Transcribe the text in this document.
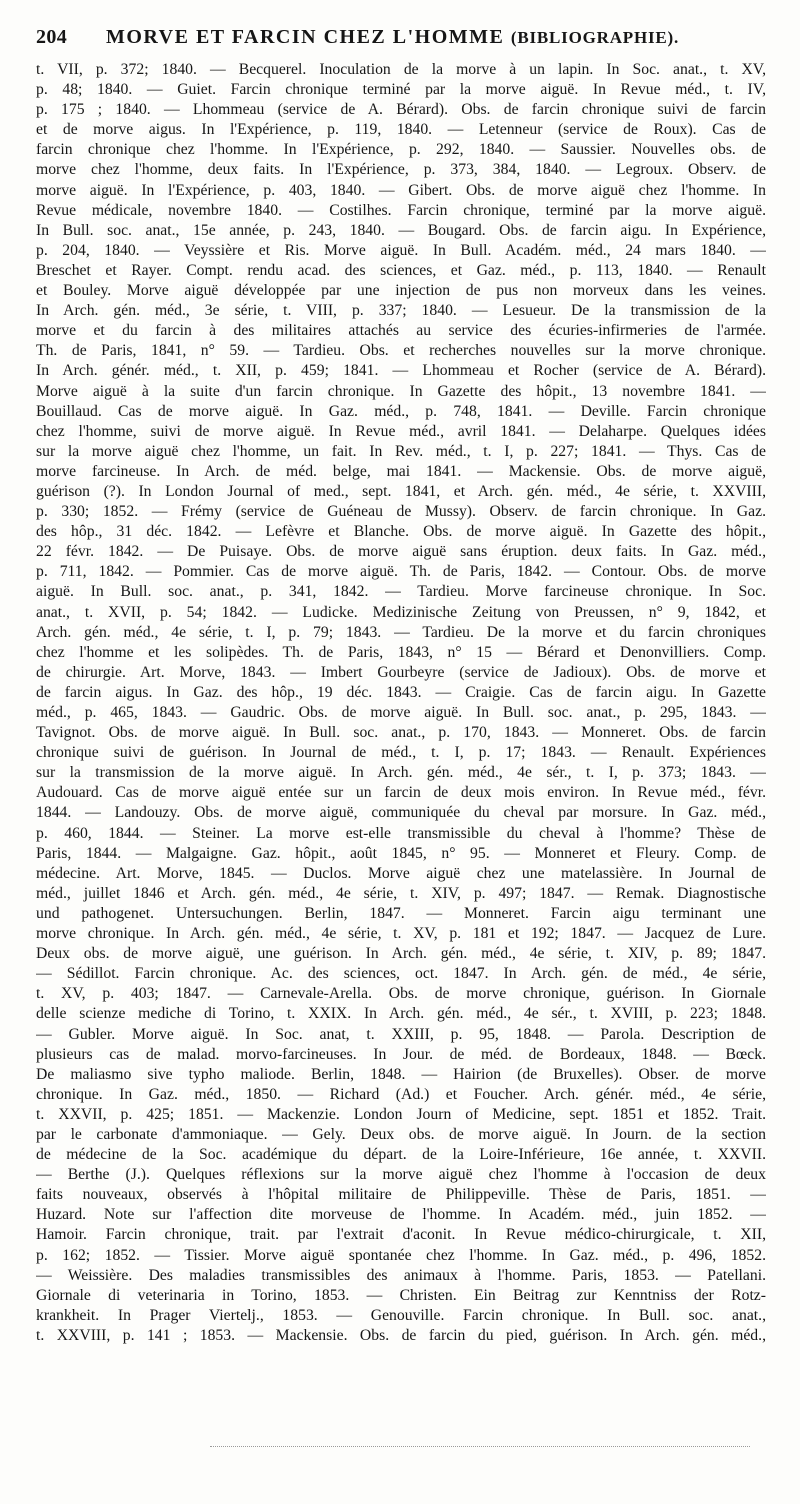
204	MORVE ET FARCIN CHEZ L'HOMME (BIBLIOGRAPHIE).
t. VII, p. 372; 1840. — Becquerel. Inoculation de la morve à un lapin. In Soc. anat., t. XV,
p. 48; 1840. — Guiet. Farcin chronique terminé par la morve aiguë. In Revue méd., t. IV,
p. 175 ; 1840. — Lhommeau (service de A. Bérard). Obs. de farcin chronique suivi de farcin
et de morve aigus. In l'Expérience, p. 119, 1840. — Letenneur (service de Roux). Cas de
farcin chronique chez l'homme. In l'Expérience, p. 292, 1840. — Saussier. Nouvelles obs. de
morve chez l'homme, deux faits. In l'Expérience, p. 373, 384, 1840. — Legroux. Observ. de
morve aiguë. In l'Expérience, p. 403, 1840. — Gibert. Obs. de morve aiguë chez l'homme. In
Revue médicale, novembre 1840. — Costilhes. Farcin chronique, terminé par la morve aiguë.
In Bull. soc. anat., 15e année, p. 243, 1840. — Bougard. Obs. de farcin aigu. In Expérience,
p. 204, 1840. — Veyssière et Ris. Morve aiguë. In Bull. Académ. méd., 24 mars 1840. —
Breschet et Rayer. Compt. rendu acad. des sciences, et Gaz. méd., p. 113, 1840. — Renault
et Bouley. Morve aiguë développée par une injection de pus non morveux dans les veines.
In Arch. gén. méd., 3e série, t. VIII, p. 337; 1840. — Lesueur. De la transmission de la
morve et du farcin à des militaires attachés au service des écuries-infirmeries de l'armée.
Th. de Paris, 1841, n° 59. — Tardieu. Obs. et recherches nouvelles sur la morve chronique.
In Arch. génér. méd., t. XII, p. 459; 1841. — Lhommeau et Rocher (service de A. Bérard).
Morve aiguë à la suite d'un farcin chronique. In Gazette des hôpit., 13 novembre 1841. —
Bouillaud. Cas de morve aiguë. In Gaz. méd., p. 748, 1841. — Deville. Farcin chronique
chez l'homme, suivi de morve aiguë. In Revue méd., avril 1841. — Delaharpe. Quelques idées
sur la morve aiguë chez l'homme, un fait. In Rev. méd., t. I, p. 227; 1841. — Thys. Cas de
morve farcineuse. In Arch. de méd. belge, mai 1841. — Mackensie. Obs. de morve aiguë,
guérison (?). In London Journal of med., sept. 1841, et Arch. gén. méd., 4e série, t. XXVIII,
p. 330; 1852. — Frémy (service de Guéneau de Mussy). Observ. de farcin chronique. In Gaz.
des hôp., 31 déc. 1842. — Lefèvre et Blanche. Obs. de morve aiguë. In Gazette des hôpit.,
22 févr. 1842. — De Puisaye. Obs. de morve aiguë sans éruption. deux faits. In Gaz. méd.,
p. 711, 1842. — Pommier. Cas de morve aiguë. Th. de Paris, 1842. — Contour. Obs. de morve
aiguë. In Bull. soc. anat., p. 341, 1842. — Tardieu. Morve farcineuse chronique. In Soc.
anat., t. XVII, p. 54; 1842. — Ludicke. Medizinische Zeitung von Preussen, n° 9, 1842, et
Arch. gén. méd., 4e série, t. I, p. 79; 1843. — Tardieu. De la morve et du farcin chroniques
chez l'homme et les solipèdes. Th. de Paris, 1843, n° 15 — Bérard et Denonvilliers. Comp.
de chirurgie. Art. Morve, 1843. — Imbert Gourbeyre (service de Jadioux). Obs. de morve et
de farcin aigus. In Gaz. des hôp., 19 déc. 1843. — Craigie. Cas de farcin aigu. In Gazette
méd., p. 465, 1843. — Gaudric. Obs. de morve aiguë. In Bull. soc. anat., p. 295, 1843. —
Tavignot. Obs. de morve aiguë. In Bull. soc. anat., p. 170, 1843. — Monneret. Obs. de farcin
chronique suivi de guérison. In Journal de méd., t. I, p. 17; 1843. — Renault. Expériences
sur la transmission de la morve aiguë. In Arch. gén. méd., 4e sér., t. I, p. 373; 1843. —
Audouard. Cas de morve aiguë entée sur un farcin de deux mois environ. In Revue méd., févr.
1844. — Landouzy. Obs. de morve aiguë, communiquée du cheval par morsure. In Gaz. méd.,
p. 460, 1844. — Steiner. La morve est-elle transmissible du cheval à l'homme? Thèse de
Paris, 1844. — Malgaigne. Gaz. hôpit., août 1845, n° 95. — Monneret et Fleury. Comp. de
médecine. Art. Morve, 1845. — Duclos. Morve aiguë chez une matelassière. In Journal de
méd., juillet 1846 et Arch. gén. méd., 4e série, t. XIV, p. 497; 1847. — Remak. Diagnostische
und pathogenet. Untersuchungen. Berlin, 1847. — Monneret. Farcin aigu terminant une
morve chronique. In Arch. gén. méd., 4e série, t. XV, p. 181 et 192; 1847. — Jacquez de Lure.
Deux obs. de morve aiguë, une guérison. In Arch. gén. méd., 4e série, t. XIV, p. 89; 1847.
— Sédillot. Farcin chronique. Ac. des sciences, oct. 1847. In Arch. gén. de méd., 4e série,
t. XV, p. 403; 1847. — Carnevale-Arella. Obs. de morve chronique, guérison. In Giornale
delle scienze mediche di Torino, t. XXIX. In Arch. gén. méd., 4e sér., t. XVIII, p. 223; 1848.
— Gubler. Morve aiguë. In Soc. anat, t. XXIII, p. 95, 1848. — Parola. Description de
plusieurs cas de malad. morvo-farcineuses. In Jour. de méd. de Bordeaux, 1848. — Bœck.
De maliasmo sive typho maliode. Berlin, 1848. — Hairion (de Bruxelles). Obser. de morve
chronique. In Gaz. méd., 1850. — Richard (Ad.) et Foucher. Arch. génér. méd., 4e série,
t. XXVII, p. 425; 1851. — Mackenzie. London Journ of Medicine, sept. 1851 et 1852. Trait.
par le carbonate d'ammoniaque. — Gely. Deux obs. de morve aiguë. In Journ. de la section
de médecine de la Soc. académique du départ. de la Loire-Inférieure, 16e année, t. XXVII.
— Berthe (J.). Quelques réflexions sur la morve aiguë chez l'homme à l'occasion de deux
faits nouveaux, observés à l'hôpital militaire de Philippeville. Thèse de Paris, 1851. —
Huzard. Note sur l'affection dite morveuse de l'homme. In Académ. méd., juin 1852. —
Hamoir. Farcin chronique, trait. par l'extrait d'aconit. In Revue médico-chirurgicale, t. XII,
p. 162; 1852. — Tissier. Morve aiguë spontanée chez l'homme. In Gaz. méd., p. 496, 1852.
— Weissière. Des maladies transmissibles des animaux à l'homme. Paris, 1853. — Patellani.
Giornale di veterinaria in Torino, 1853. — Christen. Ein Beitrag zur Kenntniss der Rotz-
krankheit. In Prager Viertelj., 1853. — Genouville. Farcin chronique. In Bull. soc. anat.,
t. XXVIII, p. 141 ; 1853. — Mackensie. Obs. de farcin du pied, guérison. In Arch. gén. méd.,
